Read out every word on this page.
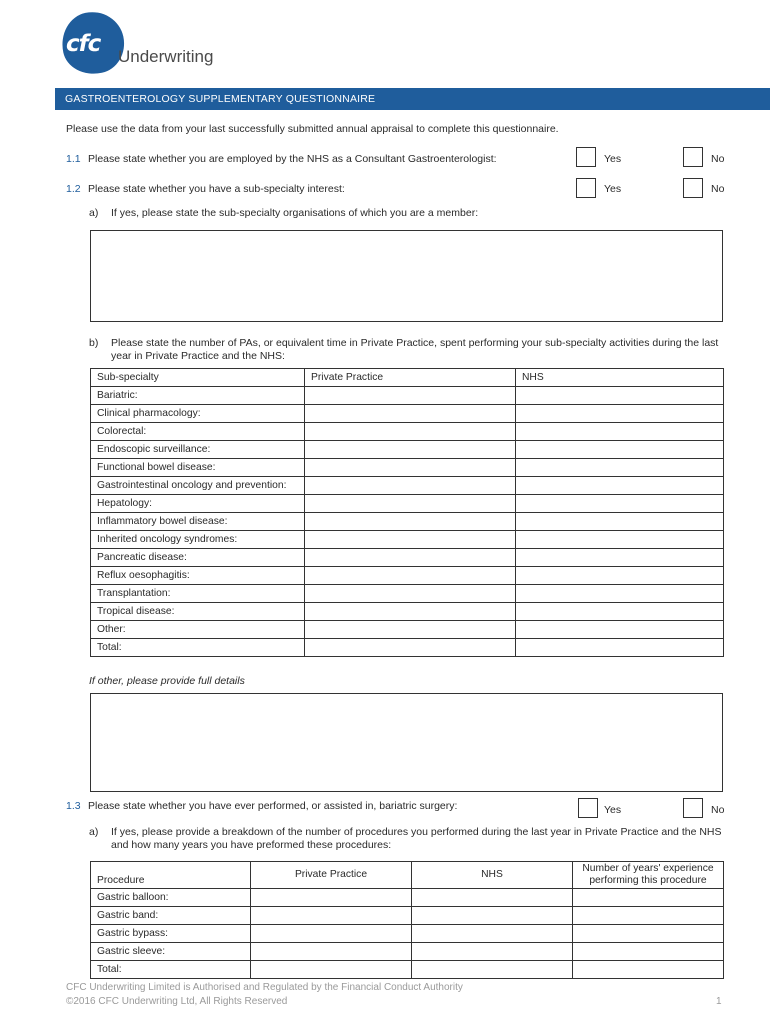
cfc Underwriting
GASTROENTEROLOGY SUPPLEMENTARY QUESTIONNAIRE
Please use the data from your last successfully submitted annual appraisal to complete this questionnaire.
1.1 Please state whether you are employed by the NHS as a Consultant Gastroenterologist:	Yes	No
1.2 Please state whether you have a sub-specialty interest:	Yes	No
a) If yes, please state the sub-specialty organisations of which you are a member:
b) Please state the number of PAs, or equivalent time in Private Practice, spent performing your sub-specialty activities during the last
year in Private Practice and the NHS:
Sub-specialty	Private Practice	NHS
Bariatric:		
Clinical pharmacology:		
Colorectal:		
Endoscopic surveillance:		
Functional bowel disease:		
Gastrointestinal oncology and prevention:		
Hepatology:		
Inflammatory bowel disease:		
Inherited oncology syndromes:		
Pancreatic disease:		
Reflux oesophagitis:		
Transplantation:		
Tropical disease:		
Other:		
Total:		
If other, please provide full details
1.3 Please state whether you have ever performed, or assisted in, bariatric surgery:	Yes	No
a) If yes, please provide a breakdown of the number of procedures you performed during the last year in Private Practice and the NHS
and how many years you have preformed these procedures:
Procedure	Private Practice	NHS	Number of years' experience performing this procedure
Gastric balloon:			
Gastric band:			
Gastric bypass:			
Gastric sleeve:			
Total:			
CFC Underwriting Limited is Authorised and Regulated by the Financial Conduct Authority
©2016 CFC Underwriting Ltd, All Rights Reserved	1
